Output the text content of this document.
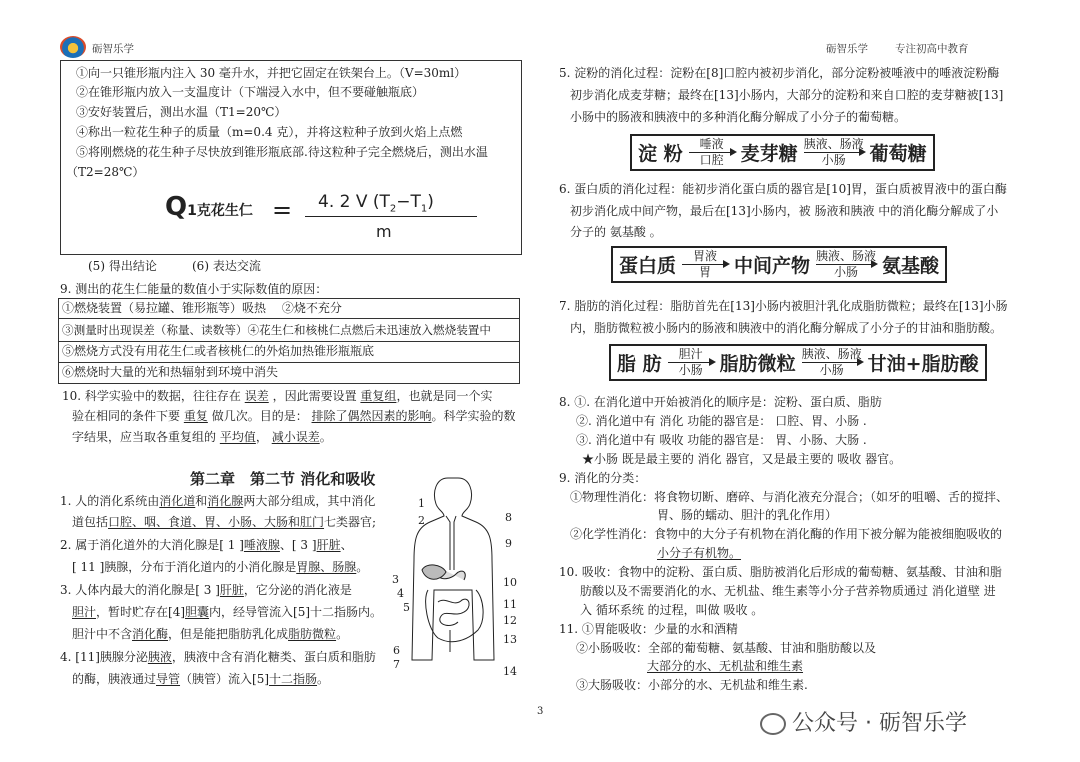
砺智乐学	砺智乐学	专注初高中教育
①向一只锥形瓶内注入 30 毫升水，并把它固定在铁架台上。（V=30ml）
②在锥形瓶内放入一支温度计（下端浸入水中，但不要碰触瓶底）
③安好装置后，测出水温（T1=20℃）
④称出一粒花生种子的质量（m=0.4 克），并将这粒种子放到火焰上点燃
⑤将刚燃烧的花生种子尽快放到锥形瓶底部.待这粒种子完全燃烧后，测出水温
（T2=28℃）
Q1克花生仁 = 4. 2 V $(T_2-T_1)$
m
(5) 得出结论	(6) 表达交流
9. 测出的花生仁能量的数值小于实际数值的原因：
①燃烧装置（易拉罐、锥形瓶等）吸热　 ②烧不充分
③测量时出现误差（称量、读数等）④花生仁和核桃仁点燃后未迅速放入燃烧装置中
⑤燃烧方式没有用花生仁或者核桃仁的外焰加热锥形瓶瓶底
⑥燃烧时大量的光和热辐射到环境中消失
10. 科学实验中的数据，往往存在 误差 ，因此需要设置 重复组，也就是同一个实
验在相同的条件下要 重复 做几次。目的是： 排除了偶然因素的影响。科学实验的数
字结果，应当取各重复组的 平均值， 减小误差。
第二章　第二节 消化和吸收
1. 人的消化系统由消化道和消化腺两大部分组成，其中消化
道包括口腔、咽、食道、胃、小肠、大肠和肛门七类器官;
2. 属于消化道外的大消化腺是[ 1 ]唾液腺、[ 3 ]肝脏、
[ 11 ]胰腺，分布于消化道内的小消化腺是胃腺、肠腺。
3. 人体内最大的消化腺是[ 3 ]肝脏，它分泌的消化液是
胆汁，暂时贮存在[4]胆囊内，经导管流入[5]十二指肠内。
胆汁中不含消化酶，但是能把脂肪乳化成脂肪微粒。
4. [11]胰腺分泌胰液，胰液中含有消化糖类、蛋白质和脂肪
的酶，胰液通过导管（胰管）流入[5]十二指肠。
1
2
3
4
5
6
7
8
9
10
11
12
13
14
5. 淀粉的消化过程：淀粉在[8]口腔内被初步消化，部分淀粉被唾液中的唾液淀粉酶
初步消化成麦芽糖；最终在[13]小肠内，大部分的淀粉和来自口腔的麦芽糖被[13]
小肠中的肠液和胰液中的多种消化酶分解成了小分子的葡萄糖。
淀 粉 唾液
口腔 麦芽糖 胰液、肠液
小肠 葡萄糖
6. 蛋白质的消化过程：能初步消化蛋白质的器官是[10]胃，蛋白质被胃液中的蛋白酶
初步消化成中间产物，最后在[13]小肠内，被 肠液和胰液 中的消化酶分解成了小
分子的 氨基酸 。
蛋白质 胃液
胃 中间产物 胰液、肠液
小肠 氨基酸
7. 脂肪的消化过程：脂肪首先在[13]小肠内被胆汁乳化成脂肪微粒；最终在[13]小肠
内，脂肪微粒被小肠内的肠液和胰液中的消化酶分解成了小分子的甘油和脂肪酸。
脂 肪 胆汁
小肠 脂肪微粒 胰液、肠液
小肠 甘油+脂肪酸
8. ①. 在消化道中开始被消化的顺序是：淀粉、蛋白质、脂肪
②. 消化道中有 消化 功能的器官是： 口腔、胃、小肠 .
③. 消化道中有 吸收 功能的器官是： 胃、小肠、大肠 .
★小肠 既是最主要的 消化 器官，又是最主要的 吸收 器官。
9. 消化的分类：
①物理性消化：将食物切断、磨碎、与消化液充分混合；（如牙的咀嚼、舌的搅拌、
胃、肠的蠕动、胆汁的乳化作用）
②化学性消化：食物中的大分子有机物在消化酶的作用下被分解为能被细胞吸收的
小分子有机物。
10. 吸收：食物中的淀粉、蛋白质、脂肪被消化后形成的葡萄糖、氨基酸、甘油和脂
肪酸以及不需要消化的水、无机盐、维生素等小分子营养物质通过 消化道壁 进
入 循环系统 的过程，叫做 吸收 。
11. ①胃能吸收：少量的水和酒精
②小肠吸收：全部的葡萄糖、氨基酸、甘油和脂肪酸以及
大部分的水、无机盐和维生素
③大肠吸收：小部分的水、无机盐和维生素.
3	公众号 · 砺智乐学
